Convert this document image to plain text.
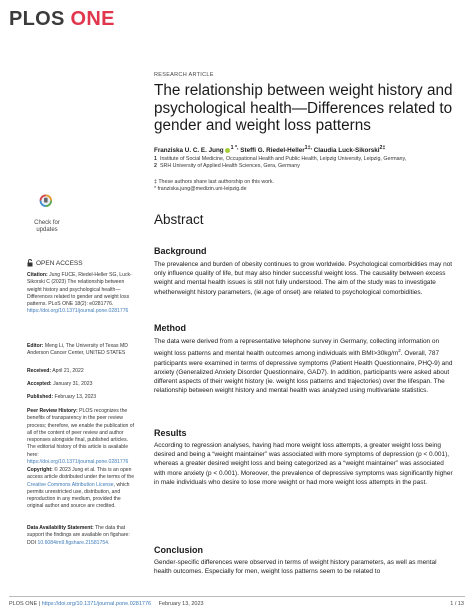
PLOS ONE
Check for updates
OPEN ACCESS

Citation: Jung FUCE, Riedel-Heller SG, Luck-Sikorski C (2023) The relationship between weight history and psychological health—Differences related to gender and weight loss patterns. PLoS ONE 18(2): e0281776. https://doi.org/10.1371/journal.pone.0281776

Editor: Meng Li, The University of Texas MD Anderson Cancer Center, UNITED STATES

Received: April 21, 2022

Accepted: January 31, 2023

Published: February 13, 2023

Peer Review History: PLOS recognizes the benefits of transparency in the peer review process; therefore, we enable the publication of all of the content of peer review and author responses alongside final, published articles. The editorial history of this article is available here: https://doi.org/10.1371/journal.pone.0281776

Copyright: © 2023 Jung et al. This is an open access article distributed under the terms of the Creative Commons Attribution License, which permits unrestricted use, distribution, and reproduction in any medium, provided the original author and source are credited.

Data Availability Statement: The data that support the findings are available on figshare: DOI 10.6084/m9.figshare.21581754.

RESEARCH ARTICLE
The relationship between weight history and psychological health—Differences related to gender and weight loss patterns
Franziska U. C. E. Jung $^{1 *,}$ Steffi G. Riedel-Heller$^{1\ddagger,}$ Claudia Luck-Sikorski$^{2\ddagger}$

1 Institute of Social Medicine, Occupational Health and Public Health, Leipzig University, Leipzig, Germany,

2 SRH University of Applied Health Sciences, Gera, Germany

‡ These authors share last authorship on this work.

* franziska.jung@medizin.uni-leipzig.de

Abstract
Background

The prevalence and burden of obesity continues to grow worldwide. Psychological comorbidities may not only influence quality of life, but may also hinder successful weight loss. The causality between excess weight and mental health issues is still not fully understood. The aim of the study was to investigate whetherweight history parameters, (ie.age of onset) are related to psychological comorbidities.

Method

The data were derived from a representative telephone survey in Germany, collecting information on weight loss patterns and mental health outcomes among individuals with $BMI>30kg/m^2$. Overall, 787 participants were examined in terms of depressive symptoms (Patient Health Questionnaire, PHQ-9) and anxiety (Generalized Anxiety Disorder Questionnaire, GAD7). In addition, participants were asked about different aspects of their weight history (ie. weight loss patterns and trajectories) over the lifespan. The relationship between weight history and mental health was analyzed using multivariate statistics.

Results

According to regression analyses, having had more weight loss attempts, a greater weight loss being desired and being a “weight maintainer” was associated with more symptoms of depression (p < 0.001), whereas a greater desired weight loss and being categorized as a “weight maintainer” was associated with more anxiety (p < 0.001). Moreover, the prevalence of depressive symptoms was significantly higher in male individuals who desire to lose more weight or had more weight loss attempts in the past.

Conclusion

Gender-specific differences were observed in terms of weight history parameters, as well as mental health outcomes. Especially for men, weight loss patterns seem to be related to

PLOS ONE | https://doi.org/10.1371/journal.pone.0281776 February 13, 2023	1 / 13
